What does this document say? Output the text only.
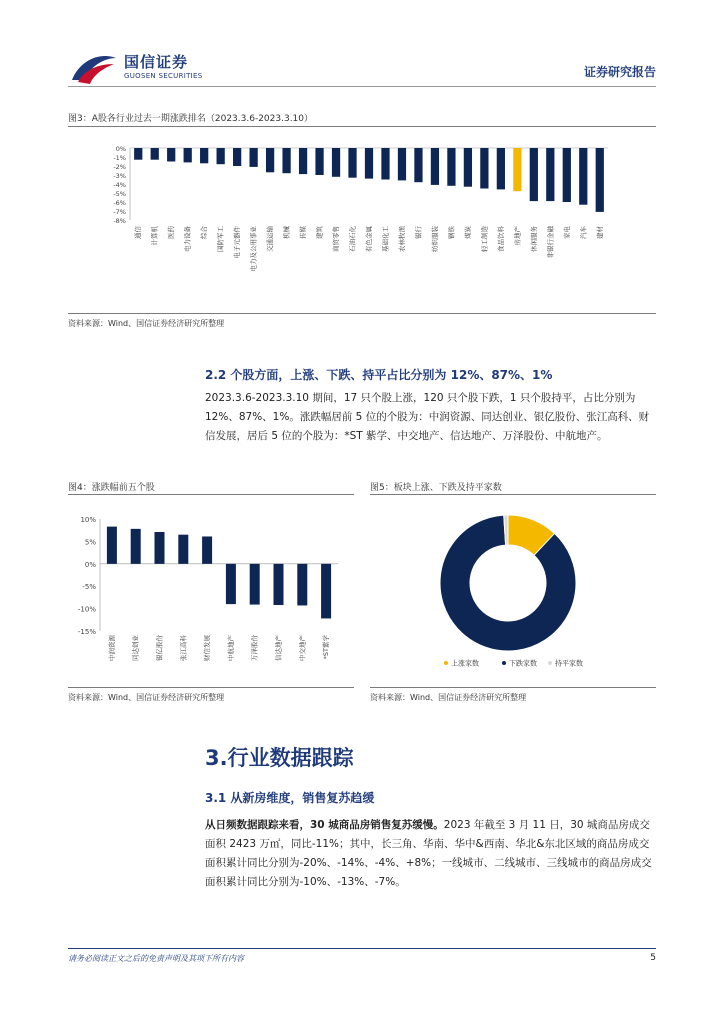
国信证券
GUOSEN SECURITIES	证券研究报告
图3：A股各行业过去一期涨跌排名（2023.3.6-2023.3.10）
0%
-1%
-2%
-3%
-4%
-5%
-6%
-7%
-8%
通信 计算机 医药 电力设备 综合 国防军工 电子元器件 电力及公用事业 交通运输 机械 传媒 建筑 商贸零售 石油石化 有色金属 基础化工 农林牧渔 银行 纺织服装 钢铁 煤炭 轻工制造 食品饮料 房地产 休闲服务 非银行金融 家电 汽车 建材
资料来源：Wind、国信证券经济研究所整理
2.2 个股方面，上涨、下跌、持平占比分别为 12%、87%、1%
2023.3.6-2023.3.10 期间，17 只个股上涨，120 只个股下跌，1 只个股持平，占比分别为 12%、87%、1%。涨跌幅居前 5 位的个股为：中润资源、同达创业、银亿股份、张江高科、财信发展，居后 5 位的个股为：*ST 紫学、中交地产、信达地产、万泽股份、中航地产。
图4：涨跌幅前五个股
10%
5%
0%
-5%
-10%
-15%
中润资源 同达创业 银亿股份 张江高科 财信发展 中航地产 万泽股份 信达地产 中交地产 *ST紫学
资料来源：Wind、国信证券经济研究所整理
图5：板块上涨、下跌及持平家数
上涨家数	下跌家数	持平家数
资料来源：Wind、国信证券经济研究所整理
3.行业数据跟踪
3.1 从新房维度，销售复苏趋缓
从日频数据跟踪来看，30 城商品房销售复苏缓慢。2023 年截至 3 月 11 日，30 城商品房成交面积 2423 万㎡，同比-11%；其中，长三角、华南、华中&西南、华北&东北区域的商品房成交面积累计同比分别为-20%、-14%、-4%、+8%；一线城市、二线城市、三线城市的商品房成交面积累计同比分别为-10%、-13%、-7%。
请务必阅读正文之后的免责声明及其项下所有内容	5
